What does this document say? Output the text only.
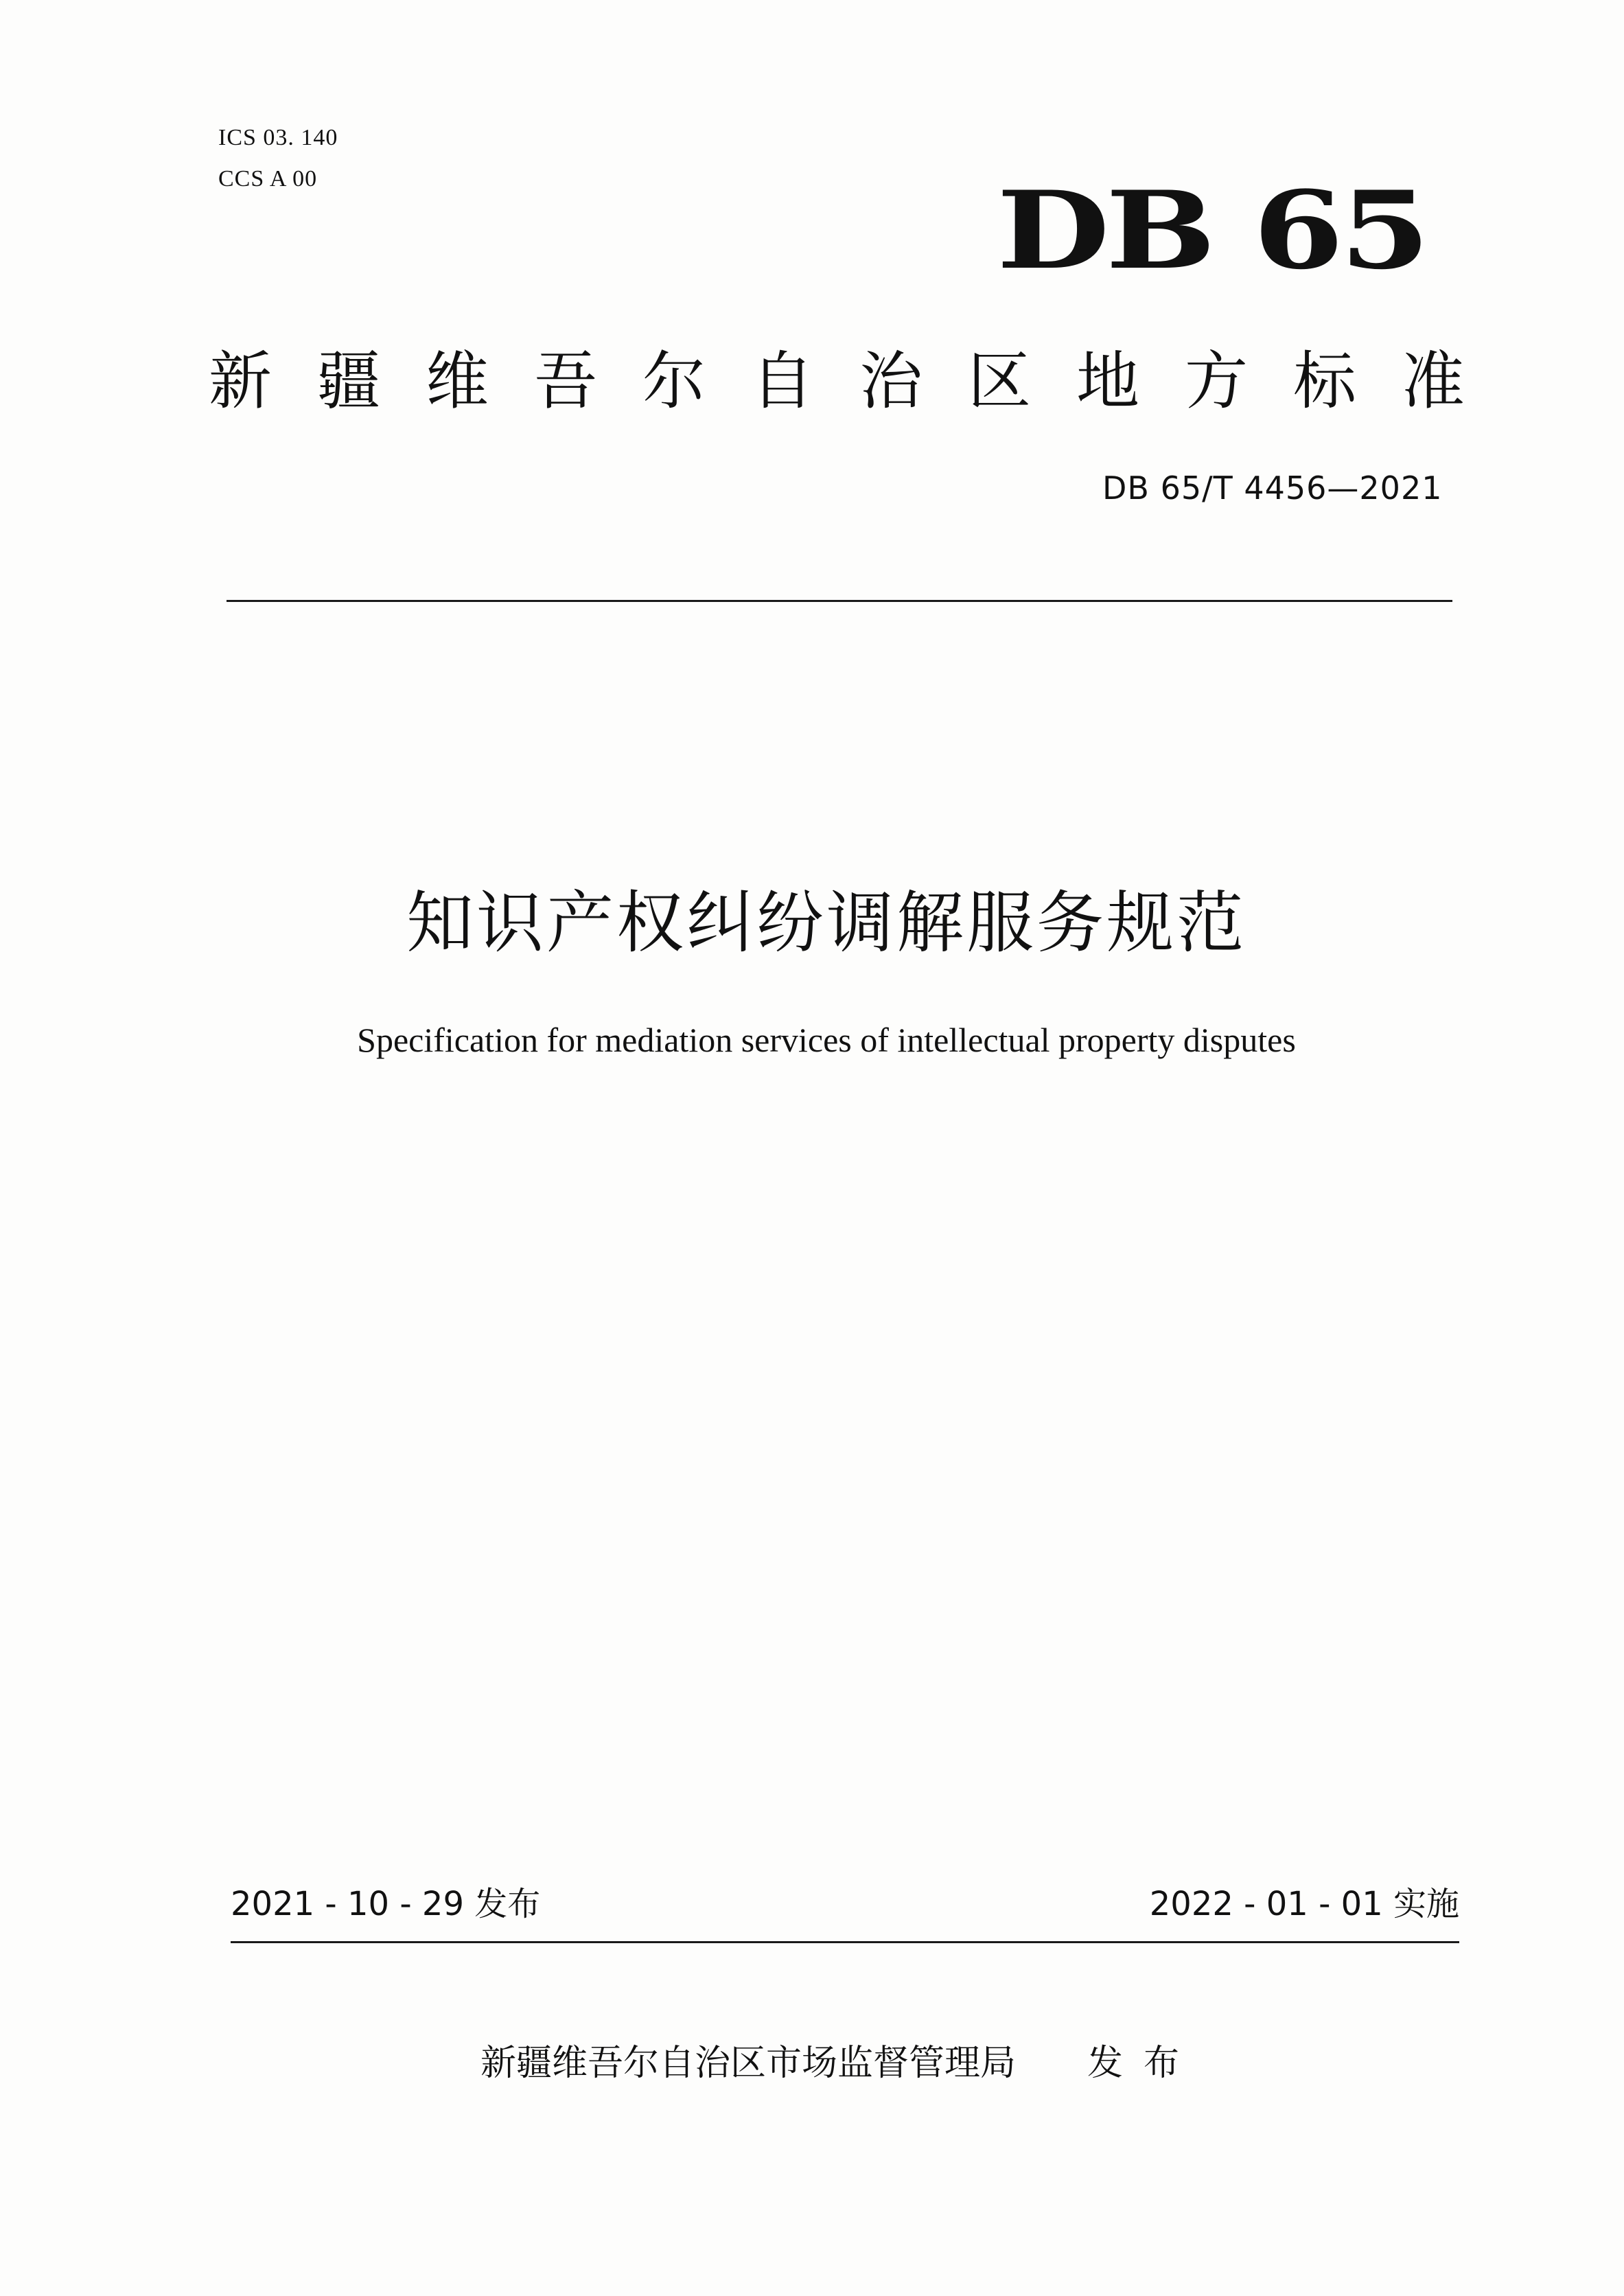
ICS 03. 140
CCS A 00	DB 65
新疆维吾尔自治区地方标准
DB 65/T 4456—2021
知识产权纠纷调解服务规范
Specification for mediation services of intellectual property disputes
2021 - 10 - 29 发布	2022 - 01 - 01 实施
新疆维吾尔自治区市场监督管理局 发布
